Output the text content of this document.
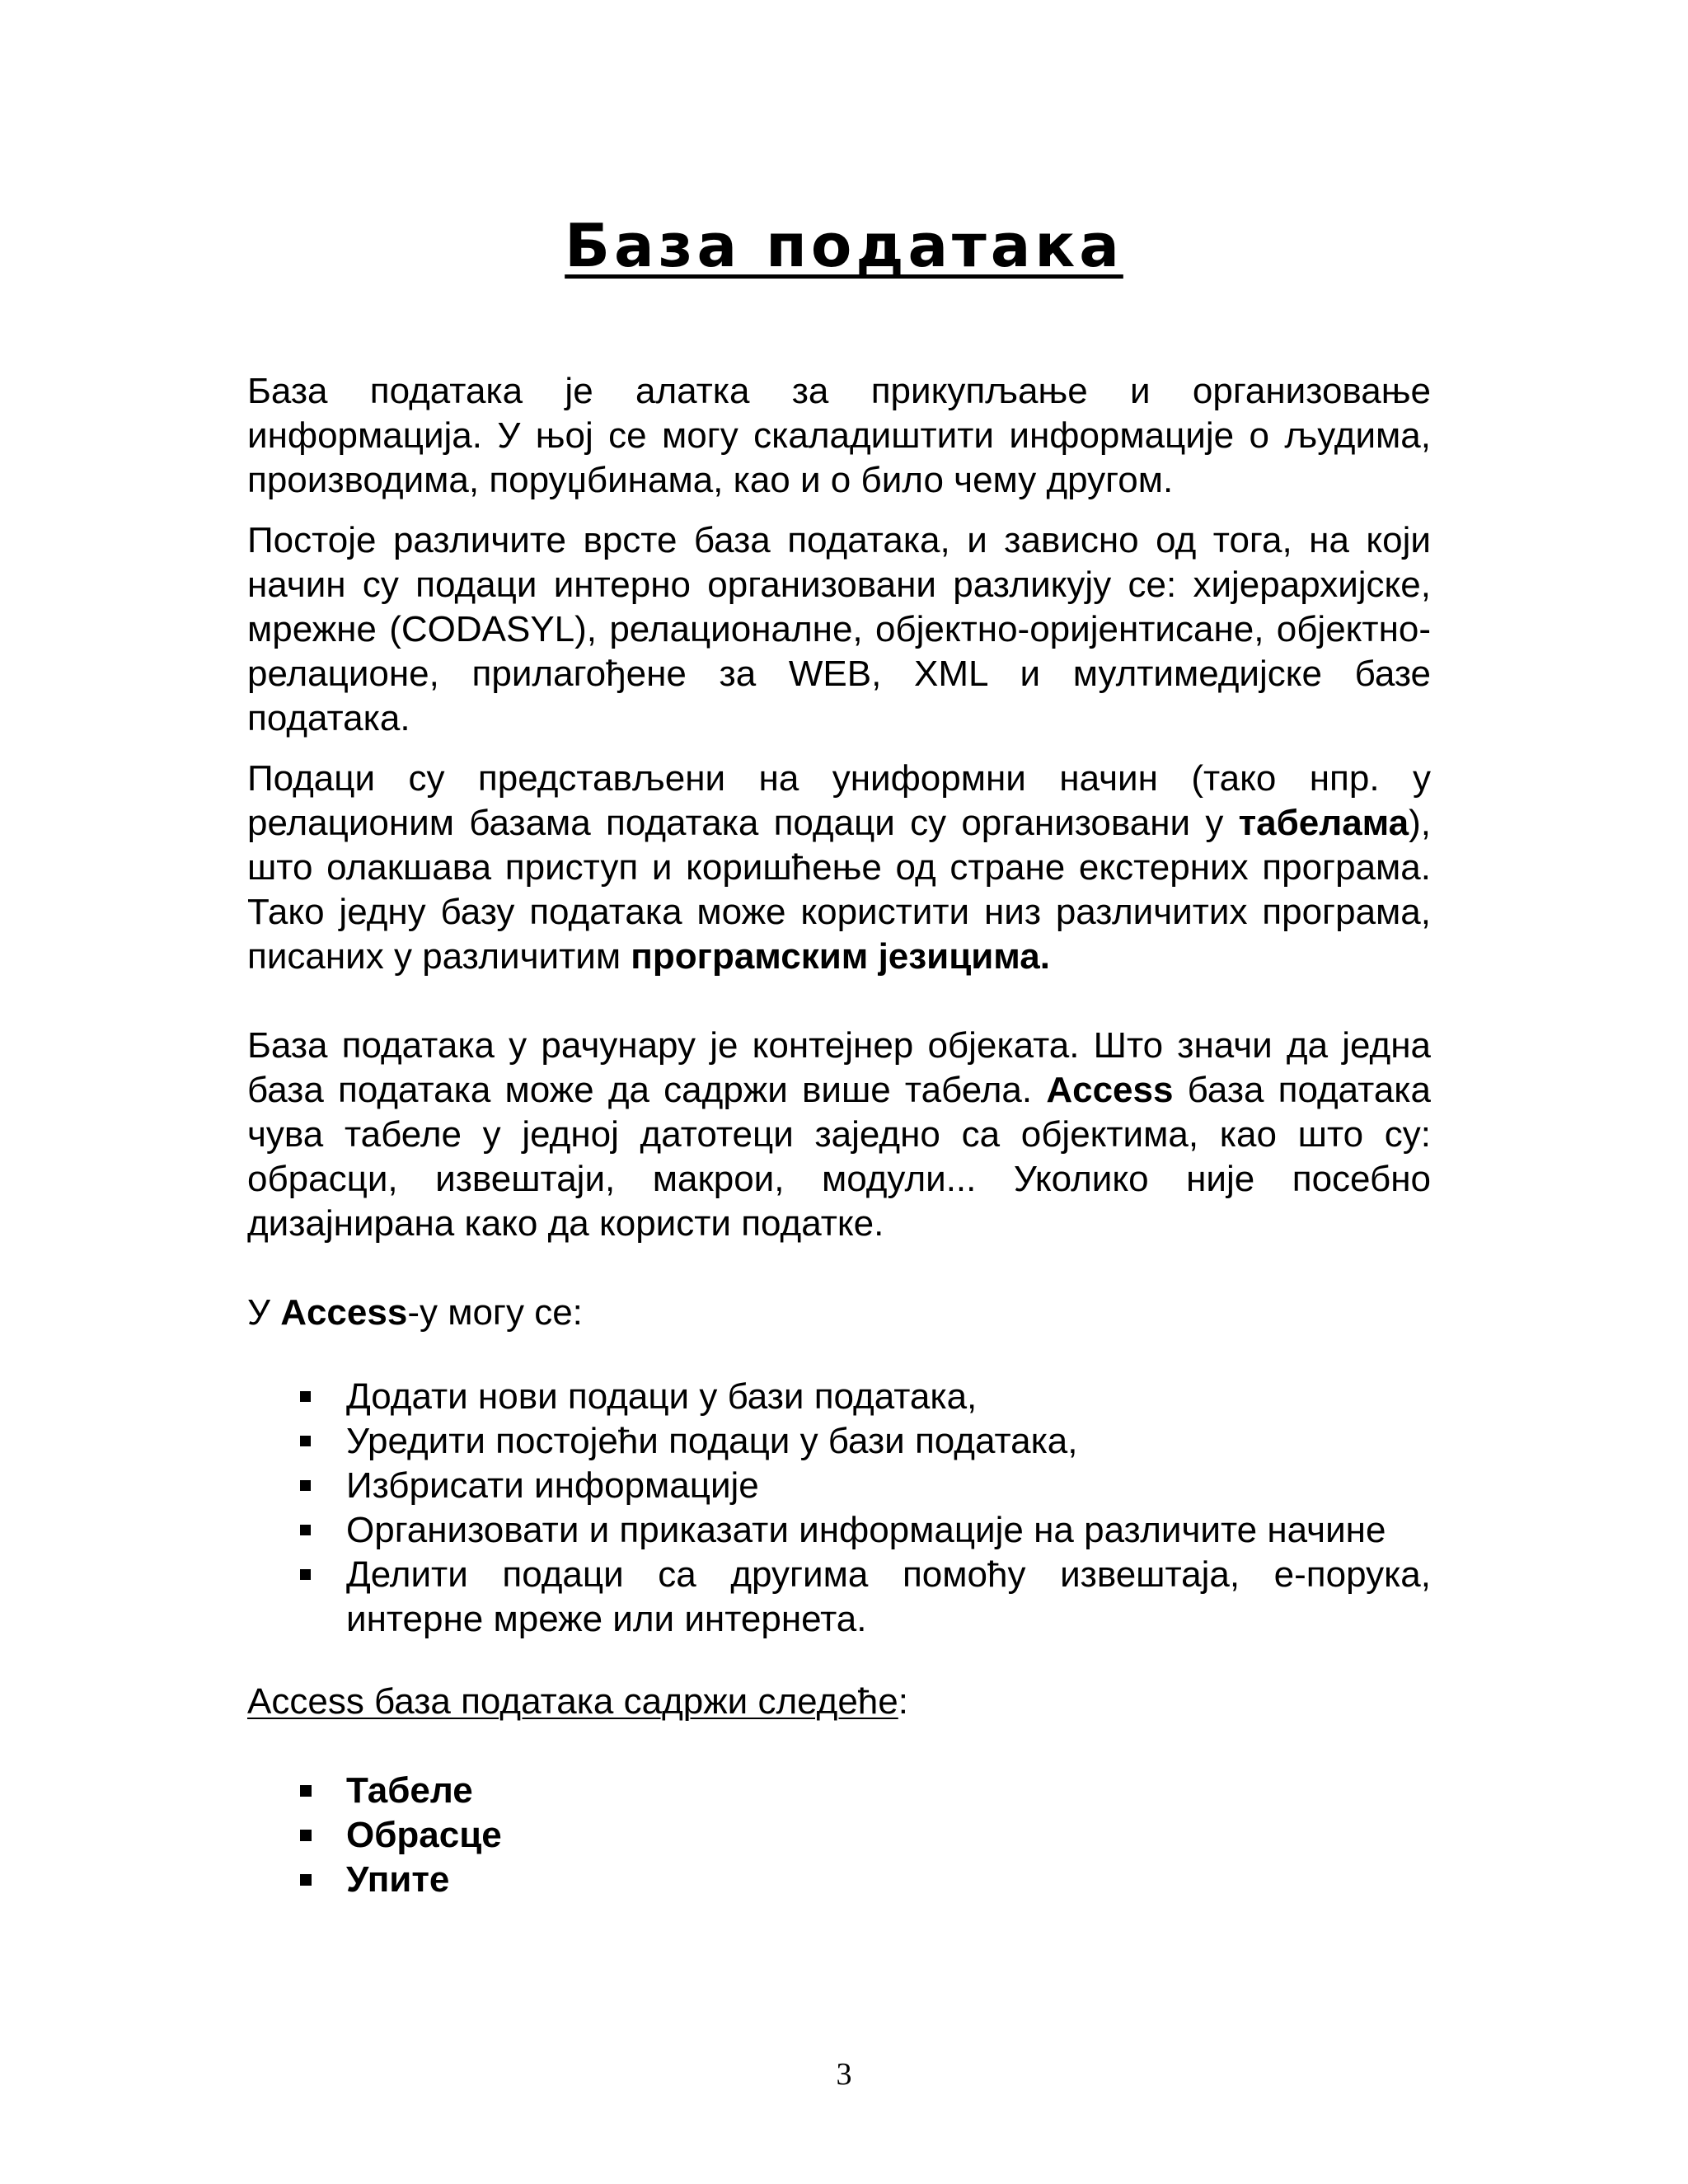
База података

База података је алатка за прикупљање и организовање информација. У њој се могу скаладиштити информације о људима, производима, поруџбинама, као и о било чему другом.

Постоје различите врсте база података, и зависно од тога, на који начин су подаци интерно организовани разликују се: хијерархијске, мрежне (CODASYL), релационалне, објектно-оријентисане, објектно-релационе, прилагођене за WEB, XML и мултимедијске базе података.

Подаци су представљени на униформни начин (тако нпр. у релационим базама података подаци су организовани у табелама), што олакшава приступ и коришћење од стране екстерних програма. Тако једну базу података може користити низ различитих програма, писаних у различитим програмским језицима.

База података у рачунару је контејнер објеката. Што значи да једна база података може да садржи више табела. Access база података чува табеле у једној датотеци заједно са објектима, као што су: обрасци, извештаји, макрои, модули... Уколико није посебно дизајнирана како да користи податке.

У Access-у могу се:

Додати нови подаци у бази података,
Уредити постојећи подаци у бази података,
Избрисати информације
Организовати и приказати информације на различите начине
Делити подаци са другима помоћу извештаја, е-порука, интерне мреже или интернета.

Access база података садржи следеће:

Табеле
Обрасце
Упите
3
